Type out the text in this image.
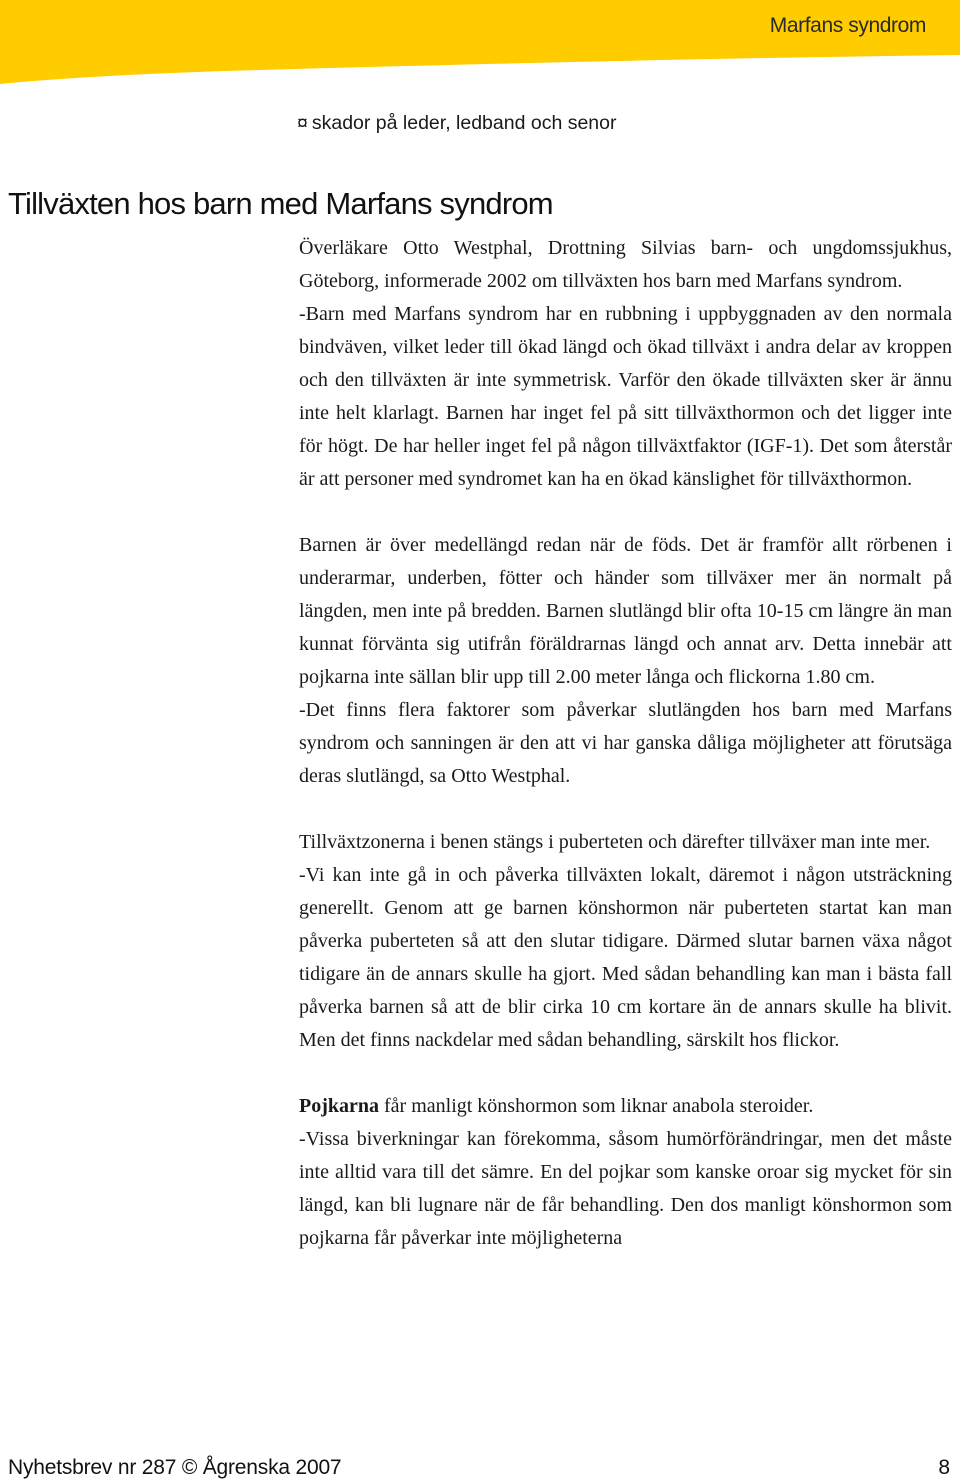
Marfans syndrom
¤ skador på leder, ledband och senor
Tillväxten hos barn med Marfans syndrom

Överläkare Otto Westphal, Drottning Silvias barn- och ungdomssjukhus, Göteborg, informerade 2002 om tillväxten hos barn med Marfans syndrom.

-Barn med Marfans syndrom har en rubbning i uppbyggnaden av den normala bindväven, vilket leder till ökad längd och ökad tillväxt i andra delar av kroppen och den tillväxten är inte symmetrisk. Varför den ökade tillväxten sker är ännu inte helt klarlagt. Barnen har inget fel på sitt tillväxthormon och det ligger inte för högt. De har heller inget fel på någon tillväxtfaktor (IGF-1). Det som återstår är att personer med syndromet kan ha en ökad känslighet för tillväxthormon.

Barnen är över medellängd redan när de föds. Det är framför allt rörbenen i underarmar, underben, fötter och händer som tillväxer mer än normalt på längden, men inte på bredden. Barnen slutlängd blir ofta 10-15 cm längre än man kunnat förvänta sig utifrån föräldrarnas längd och annat arv. Detta innebär att pojkarna inte sällan blir upp till 2.00 meter långa och flickorna 1.80 cm.

-Det finns flera faktorer som påverkar slutlängden hos barn med Marfans syndrom och sanningen är den att vi har ganska dåliga möjligheter att förutsäga deras slutlängd, sa Otto Westphal.

Tillväxtzonerna i benen stängs i puberteten och därefter tillväxer man inte mer.

-Vi kan inte gå in och påverka tillväxten lokalt, däremot i någon utsträckning generellt. Genom att ge barnen könshormon när puberteten startat kan man påverka puberteten så att den slutar tidigare. Därmed slutar barnen växa något tidigare än de annars skulle ha gjort. Med sådan behandling kan man i bästa fall påverka barnen så att de blir cirka 10 cm kortare än de annars skulle ha blivit. Men det finns nackdelar med sådan behandling, särskilt hos flickor.

Pojkarna får manligt könshormon som liknar anabola steroider.

-Vissa biverkningar kan förekomma, såsom humörförändringar, men det måste inte alltid vara till det sämre. En del pojkar som kanske oroar sig mycket för sin längd, kan bli lugnare när de får behandling. Den dos manligt könshormon som pojkarna får påverkar inte möjligheterna

Nyhetsbrev nr 287 © Ågrenska 2007	8
